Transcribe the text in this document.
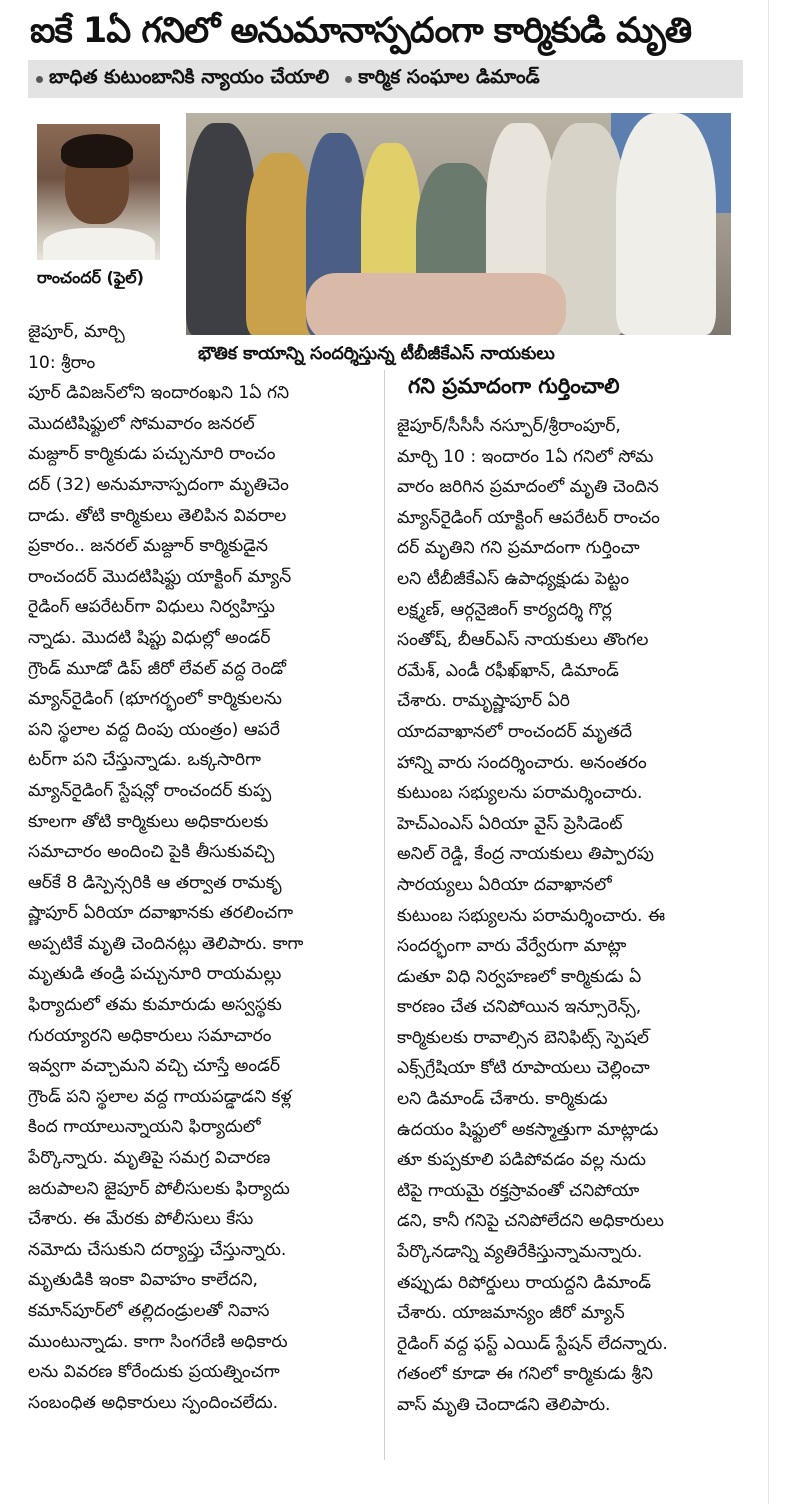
ఐకే 1ఏ గనిలో అనుమానాస్పదంగా కార్మికుడి మృతి
బాధిత కుటుంబానికి న్యాయం చేయాలి కార్మిక సంఘాల డిమాండ్
రాంచందర్ (ఫైల్)
భౌతిక కాయాన్ని సందర్శిస్తున్న టీబీజీకేఎస్ నాయకులు
జైపూర్, మార్చి
10: శ్రీరాం
పూర్ డివిజన్‌లోని ఇందారంఖని 1ఏ గని
మొదటిషిఫ్టులో సోమవారం జనరల్
మజ్దూర్ కార్మికుడు పచ్చునూరి రాంచం
దర్ (32) అనుమానాస్పదంగా మృతిచెం
దాడు. తోటి కార్మికులు తెలిపిన వివరాల
ప్రకారం.. జనరల్ మజ్దూర్ కార్మికుడైన
రాంచందర్ మొదటిషిఫ్టు యాక్టింగ్ మ్యాన్
రైడింగ్ ఆపరేటర్‌గా విధులు నిర్వహిస్తు
న్నాడు. మొదటి షిప్టు విధుల్లో అండర్
గ్రౌండ్ మూడో డిప్ జీరో లేవల్ వద్ద రెండో
మ్యాన్‌రైడింగ్ (భూగర్భంలో కార్మికులను
పని స్థలాల వద్ద దింపు యంత్రం) ఆపరే
టర్‌గా పని చేస్తున్నాడు. ఒక్కసారిగా
మ్యాన్‌రైడింగ్ స్టేషన్లో రాంచందర్ కుప్ప
కూలగా తోటి కార్మికులు అధికారులకు
సమాచారం అందించి పైకి తీసుకువచ్చి
ఆర్‌కే 8 డిస్పెన్సరికి ఆ తర్వాత రామకృ
ష్ణాపూర్ ఏరియా దవాఖానకు తరలించగా
అప్పటికే మృతి చెందినట్లు తెలిపారు. కాగా
మృతుడి తండ్రి పచ్చునూరి రాయమల్లు
ఫిర్యాదులో తమ కుమారుడు అస్వస్థకు
గురయ్యారని అధికారులు సమాచారం
ఇవ్వగా వచ్చామని వచ్చి చూస్తే అండర్
గ్రౌండ్ పని స్థలాల వద్ద గాయపడ్డాడని కళ్ల
కింద గాయాలున్నాయని ఫిర్యాదులో
పేర్కొన్నారు. మృతిపై సమగ్ర విచారణ
జరుపాలని జైపూర్ పోలీసులకు ఫిర్యాదు
చేశారు. ఈ మేరకు పోలీసులు కేసు
నమోదు చేసుకుని దర్యాప్తు చేస్తున్నారు.
మృతుడికి ఇంకా వివాహం కాలేదని,
కమాన్‌పూర్‌లో తల్లిదండ్రులతో నివాస
ముంటున్నాడు. కాగా సింగరేణి అధికారు
లను వివరణ కోరేందుకు ప్రయత్నించగా
సంబంధిత అధికారులు స్పందించలేదు.
గని ప్రమాదంగా గుర్తించాలి
జైపూర్/సీసీసీ నస్పూర్/శ్రీరాంపూర్,
మార్చి 10 : ఇందారం 1ఏ గనిలో సోమ
వారం జరిగిన ప్రమాదంలో మృతి చెందిన
మ్యాన్‌రైడింగ్ యాక్టింగ్ ఆపరేటర్ రాంచం
దర్ మృతిని గని ప్రమాదంగా గుర్తించా
లని టీబీజీకేఎస్ ఉపాధ్యక్షుడు పెట్టం
లక్ష్మణ్, ఆర్గనైజింగ్ కార్యదర్శి గొర్ల
సంతోష్, బీఆర్‌ఎస్ నాయకులు తొంగల
రమేశ్, ఎండీ రఫీఖ్‌ఖాన్, డిమాండ్
చేశారు. రామృష్ణాపూర్ ఏరి
యాదవాఖానలో రాంచందర్ మృతదే
హాన్ని వారు సందర్శించారు. అనంతరం
కుటుంబ సభ్యులను పరామర్శించారు.
హెచ్‌ఎంఎస్ ఏరియా వైస్ ప్రెసిడెంట్
అనిల్ రెడ్డి, కేంద్ర నాయకులు తిప్పారపు
సారయ్యలు ఏరియా దవాఖానలో
కుటుంబ సభ్యులను పరామర్శించారు. ఈ
సందర్భంగా వారు వేర్వేరుగా మాట్లా
డుతూ విధి నిర్వహణలో కార్మికుడు ఏ
కారణం చేత చనిపోయిన ఇన్సూరెన్స్,
కార్మికులకు రావాల్సిన బెనిఫిట్స్ స్పెషల్
ఎక్స్‌గ్రేషియా కోటి రూపాయలు చెల్లించా
లని డిమాండ్ చేశారు. కార్మికుడు
ఉదయం షిఫ్టులో అకస్మాత్తుగా మాట్లాడు
తూ కుప్పకూలి పడిపోవడం వల్ల నుదు
టిపై గాయమై రక్తస్రావంతో చనిపోయా
డని, కానీ గనిపై చనిపోలేదని అధికారులు
పేర్కొనడాన్ని వ్యతిరేకిస్తున్నామన్నారు.
తప్పుడు రిపోర్డులు రాయద్దని డిమాండ్
చేశారు. యాజమాన్యం జీరో మ్యాన్
రైడింగ్ వద్ద ఫస్ట్ ఎయిడ్ స్టేషన్ లేదన్నారు.
గతంలో కూడా ఈ గనిలో కార్మికుడు శ్రీని
వాస్ మృతి చెందాడని తెలిపారు.
